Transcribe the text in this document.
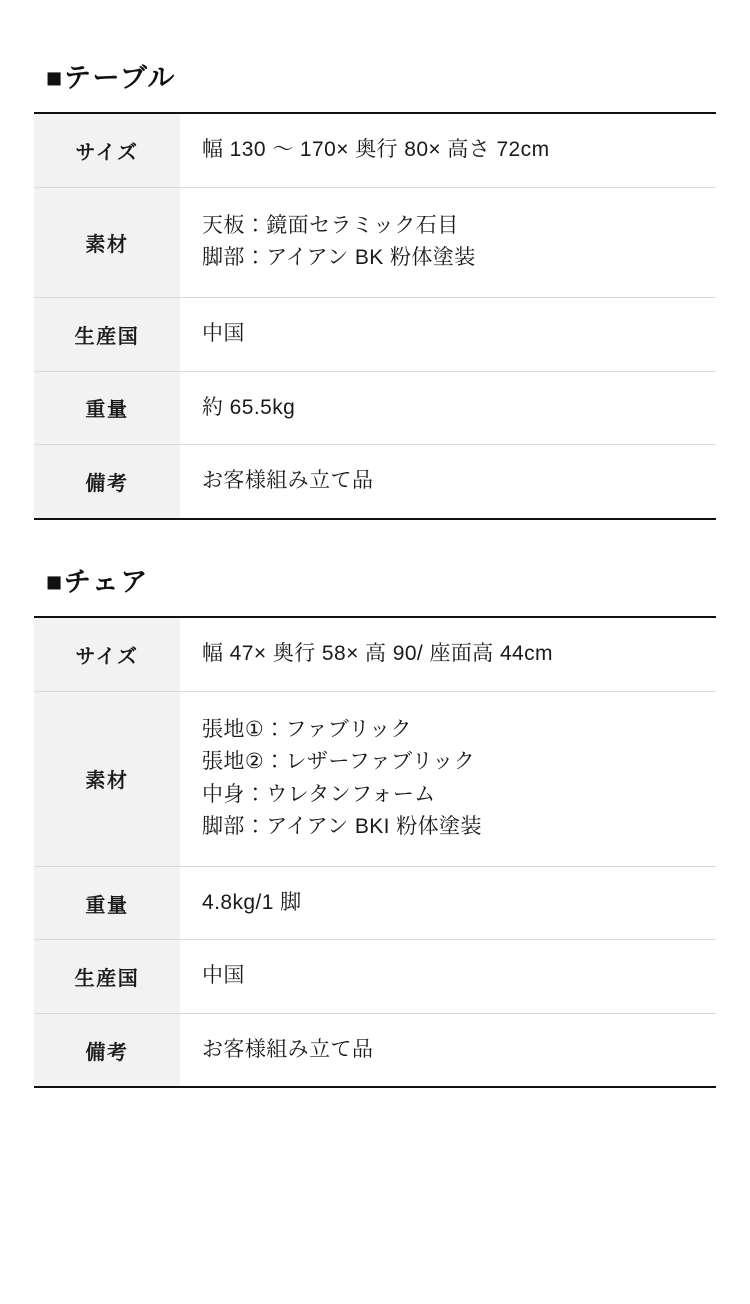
■テーブル
サイズ	幅 130 〜 170× 奥行 80× 高さ 72cm

素材	天板：鏡面セラミック石目
脚部：アイアン BK 粉体塗装

生産国	中国

重量	約 65.5kg

備考	お客様組み立て品
■チェア
サイズ	幅 47× 奥行 58× 高 90/ 座面高 44cm

素材	張地①：ファブリック
張地②：レザーファブリック
中身：ウレタンフォーム
脚部：アイアン BKI 粉体塗装

重量	4.8kg/1 脚

生産国	中国

備考	お客様組み立て品
